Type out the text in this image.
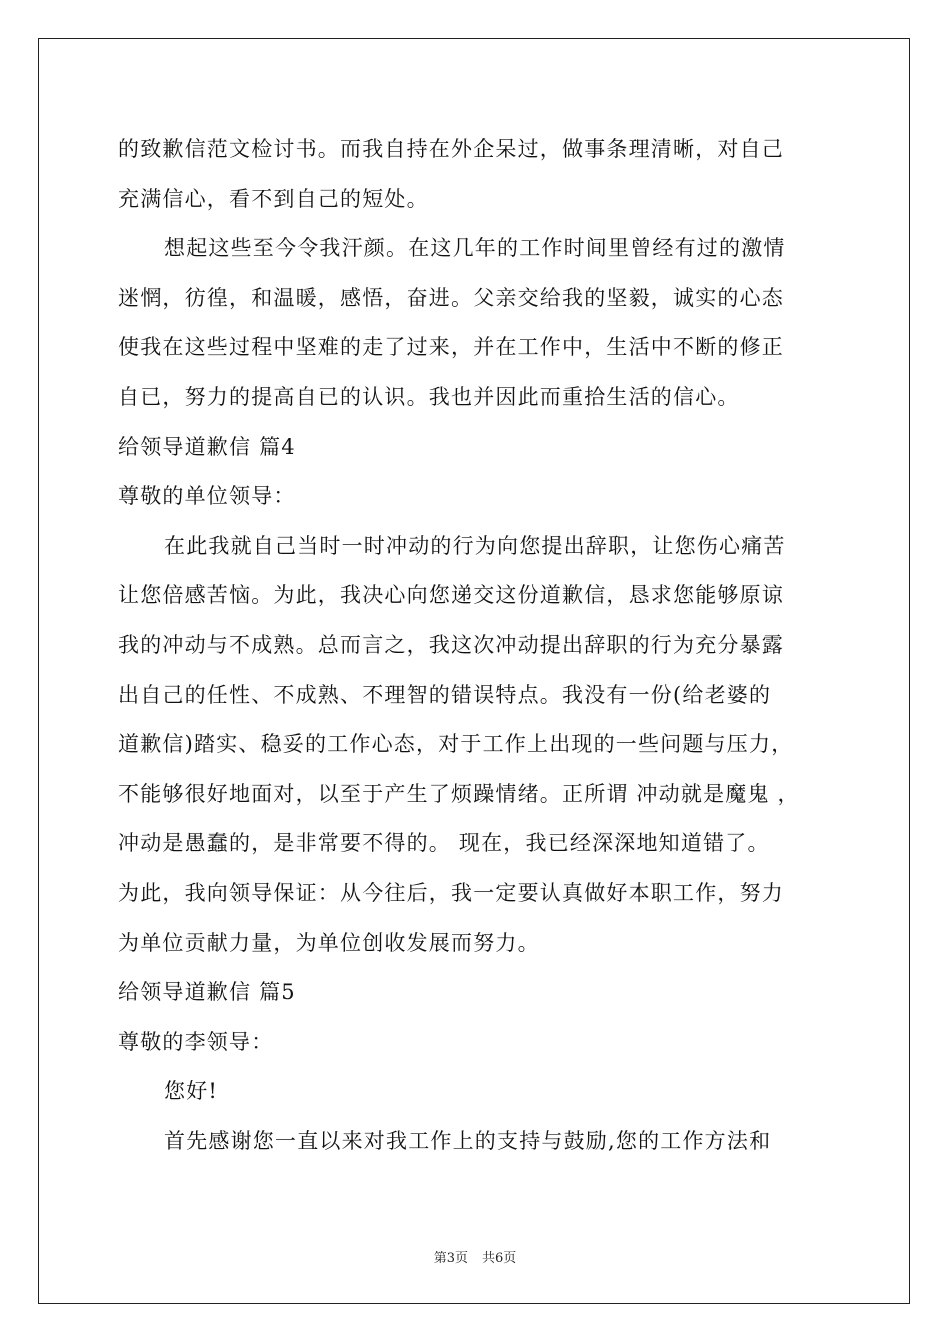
的致歉信范文检讨书。而我自持在外企呆过，做事条理清晰，对自己
充满信心，看不到自己的短处。
想起这些至今令我汗颜。在这几年的工作时间里曾经有过的激情
迷惘，彷徨，和温暖，感悟，奋进。父亲交给我的坚毅，诚实的心态
使我在这些过程中坚难的走了过来，并在工作中，生活中不断的修正
自已，努力的提高自已的认识。我也并因此而重拾生活的信心。
给领导道歉信 篇4
尊敬的单位领导：
在此我就自己当时一时冲动的行为向您提出辞职，让您伤心痛苦
让您倍感苦恼。为此，我决心向您递交这份道歉信，恳求您能够原谅
我的冲动与不成熟。总而言之，我这次冲动提出辞职的行为充分暴露
出自己的任性、不成熟、不理智的错误特点。我没有一份(给老婆的
道歉信)踏实、稳妥的工作心态，对于工作上出现的一些问题与压力，
不能够很好地面对，以至于产生了烦躁情绪。正所谓 冲动就是魔鬼 ，
冲动是愚蠢的，是非常要不得的。 现在，我已经深深地知道错了。
为此，我向领导保证：从今往后，我一定要认真做好本职工作，努力
为单位贡献力量，为单位创收发展而努力。
给领导道歉信 篇5
尊敬的李领导：
您好!
首先感谢您一直以来对我工作上的支持与鼓励,您的工作方法和
第3页 共6页
